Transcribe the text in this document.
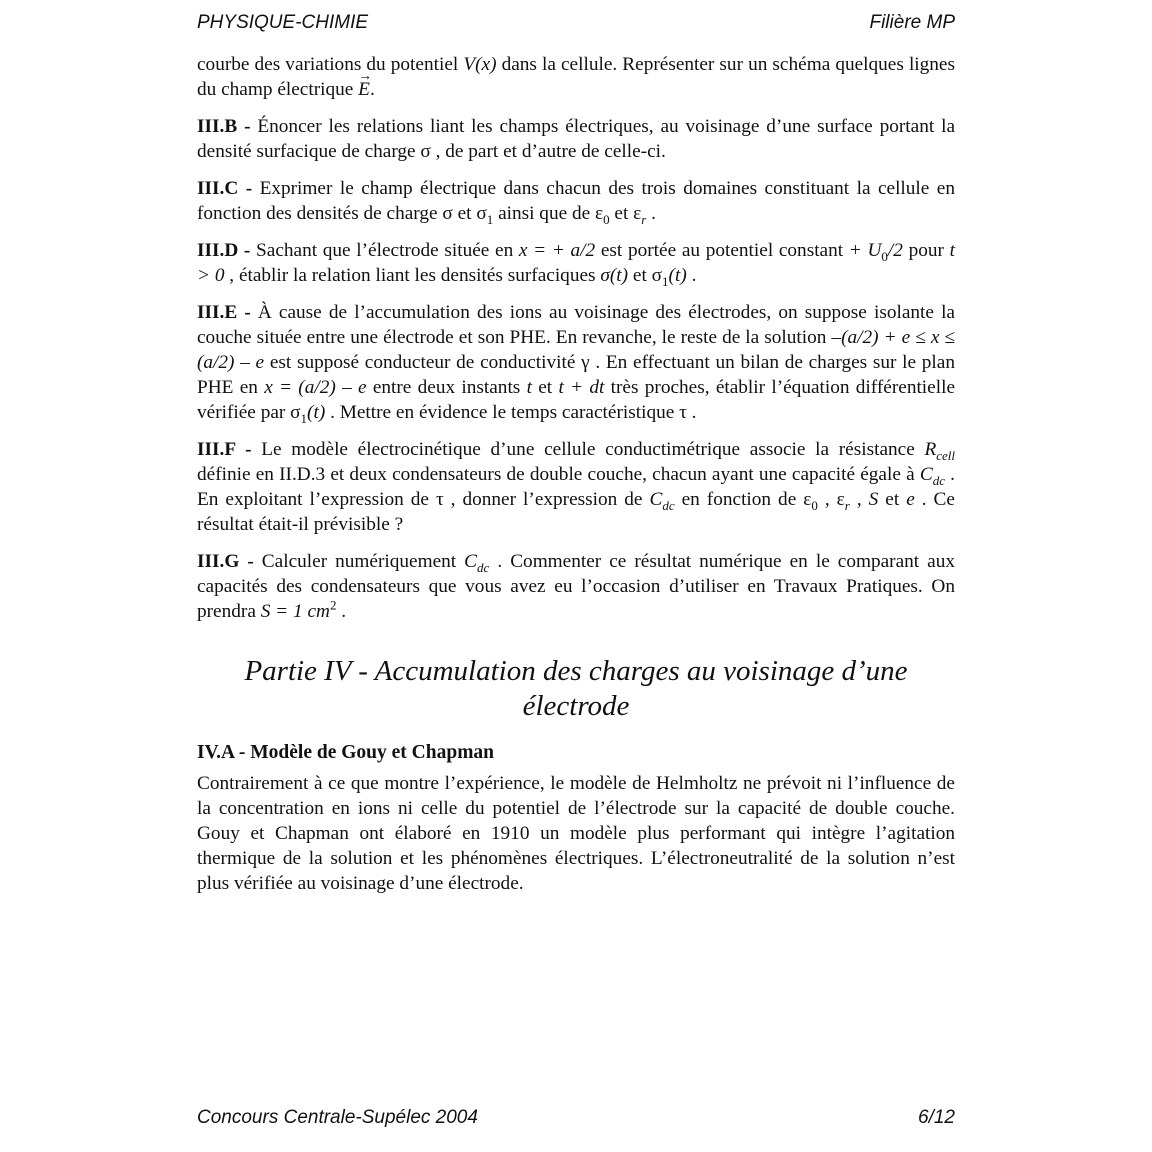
PHYSIQUE-CHIMIE	Filière MP

courbe des variations du potentiel V(x) dans la cellule. Représenter sur un schéma quelques lignes du champ électrique → E.

III.B - Énoncer les relations liant les champs électriques, au voisinage d’une surface portant la densité surfacique de charge σ , de part et d’autre de celle-ci.

III.C - Exprimer le champ électrique dans chacun des trois domaines constituant la cellule en fonction des densités de charge σ et $\sigma_1$ ainsi que de $\varepsilon_0$ et $\varepsilon_r$ .

III.D - Sachant que l’électrode située en x = + a/2 est portée au potentiel constant + $U_0/2$ pour t > 0 , établir la relation liant les densités surfaciques σ(t) et $\sigma_1(t)$ .

III.E - À cause de l’accumulation des ions au voisinage des électrodes, on suppose isolante la couche située entre une électrode et son PHE. En revanche, le reste de la solution –(a/2) + e ≤ x ≤ (a/2) – e est supposé conducteur de conductivité γ . En effectuant un bilan de charges sur le plan PHE en x = (a/2) – e entre deux instants t et t + dt très proches, établir l’équation différentielle vérifiée par $\sigma_1(t)$ . Mettre en évidence le temps caractéristique τ .

III.F - Le modèle électrocinétique d’une cellule conductimétrique associe la résistance $R_{cell}$ définie en II.D.3 et deux condensateurs de double couche, chacun ayant une capacité égale à $C_{dc}$ . En exploitant l’expression de τ , donner l’expression de $C_{dc}$ en fonction de $\varepsilon_0$ , $\varepsilon_r$ , S et e . Ce résultat était-il prévisible ?

III.G - Calculer numériquement $C_{dc}$ . Commenter ce résultat numérique en le comparant aux capacités des condensateurs que vous avez eu l’occasion d’utiliser en Travaux Pratiques. On prendra S = 1 $cm^2$ .

Partie IV - Accumulation des charges au voisinage d’une électrode
IV.A - Modèle de Gouy et Chapman

Contrairement à ce que montre l’expérience, le modèle de Helmholtz ne prévoit ni l’influence de la concentration en ions ni celle du potentiel de l’électrode sur la capacité de double couche. Gouy et Chapman ont élaboré en 1910 un modèle plus performant qui intègre l’agitation thermique de la solution et les phénomènes électriques. L’électroneutralité de la solution n’est plus vérifiée au voisinage d’une électrode.

Concours Centrale-Supélec 2004	6/12
